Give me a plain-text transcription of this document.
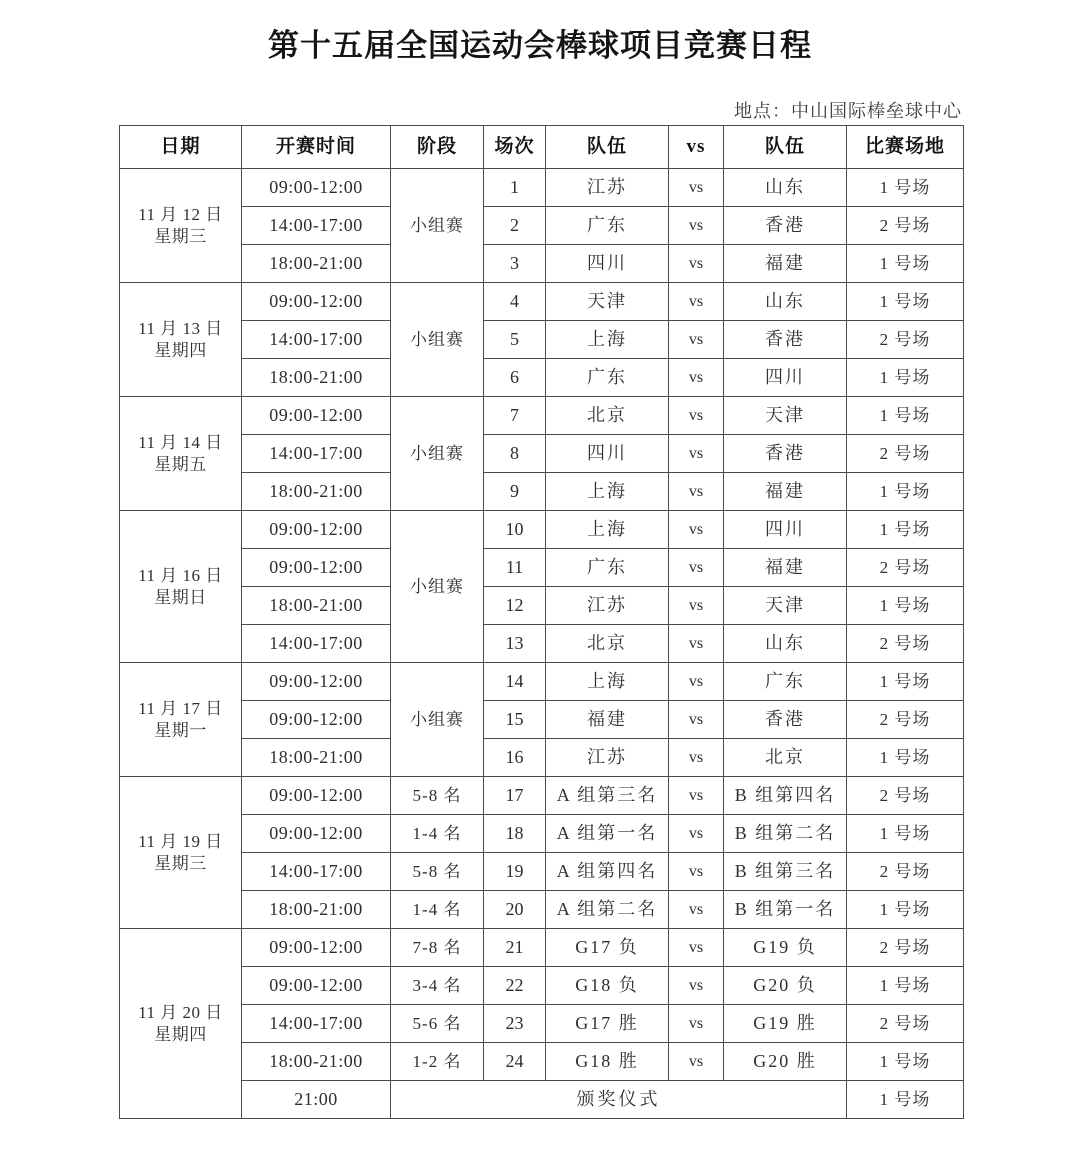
第十五届全国运动会棒球项目竞赛日程
地点：中山国际棒垒球中心
日期	开赛时间	阶段	场次	队伍	vs	队伍	比赛场地

11 月 12 日
星期三	09:00-12:00	小组赛	1	江苏	vs	山东	1 号场
	14:00-17:00		2	广东	vs	香港	2 号场
	18:00-21:00		3	四川	vs	福建	1 号场

11 月 13 日
星期四	09:00-12:00	小组赛	4	天津	vs	山东	1 号场
	14:00-17:00		5	上海	vs	香港	2 号场
	18:00-21:00		6	广东	vs	四川	1 号场

11 月 14 日
星期五	09:00-12:00	小组赛	7	北京	vs	天津	1 号场
	14:00-17:00		8	四川	vs	香港	2 号场
	18:00-21:00		9	上海	vs	福建	1 号场

11 月 16 日
星期日	09:00-12:00	小组赛	10	上海	vs	四川	1 号场
	09:00-12:00		11	广东	vs	福建	2 号场
	18:00-21:00		12	江苏	vs	天津	1 号场
	14:00-17:00		13	北京	vs	山东	2 号场

11 月 17 日
星期一	09:00-12:00	小组赛	14	上海	vs	广东	1 号场
	09:00-12:00		15	福建	vs	香港	2 号场
	18:00-21:00		16	江苏	vs	北京	1 号场

11 月 19 日
星期三	09:00-12:00	5-8 名	17	A 组第三名	vs	B 组第四名	2 号场
	09:00-12:00	1-4 名	18	A 组第一名	vs	B 组第二名	1 号场
	14:00-17:00	5-8 名	19	A 组第四名	vs	B 组第三名	2 号场
	18:00-21:00	1-4 名	20	A 组第二名	vs	B 组第一名	1 号场

11 月 20 日
星期四	09:00-12:00	7-8 名	21	G17 负	vs	G19 负	2 号场
	09:00-12:00	3-4 名	22	G18 负	vs	G20 负	1 号场
	14:00-17:00	5-6 名	23	G17 胜	vs	G19 胜	2 号场
	18:00-21:00	1-2 名	24	G18 胜	vs	G20 胜	1 号场
	21:00	颁奖仪式					1 号场
